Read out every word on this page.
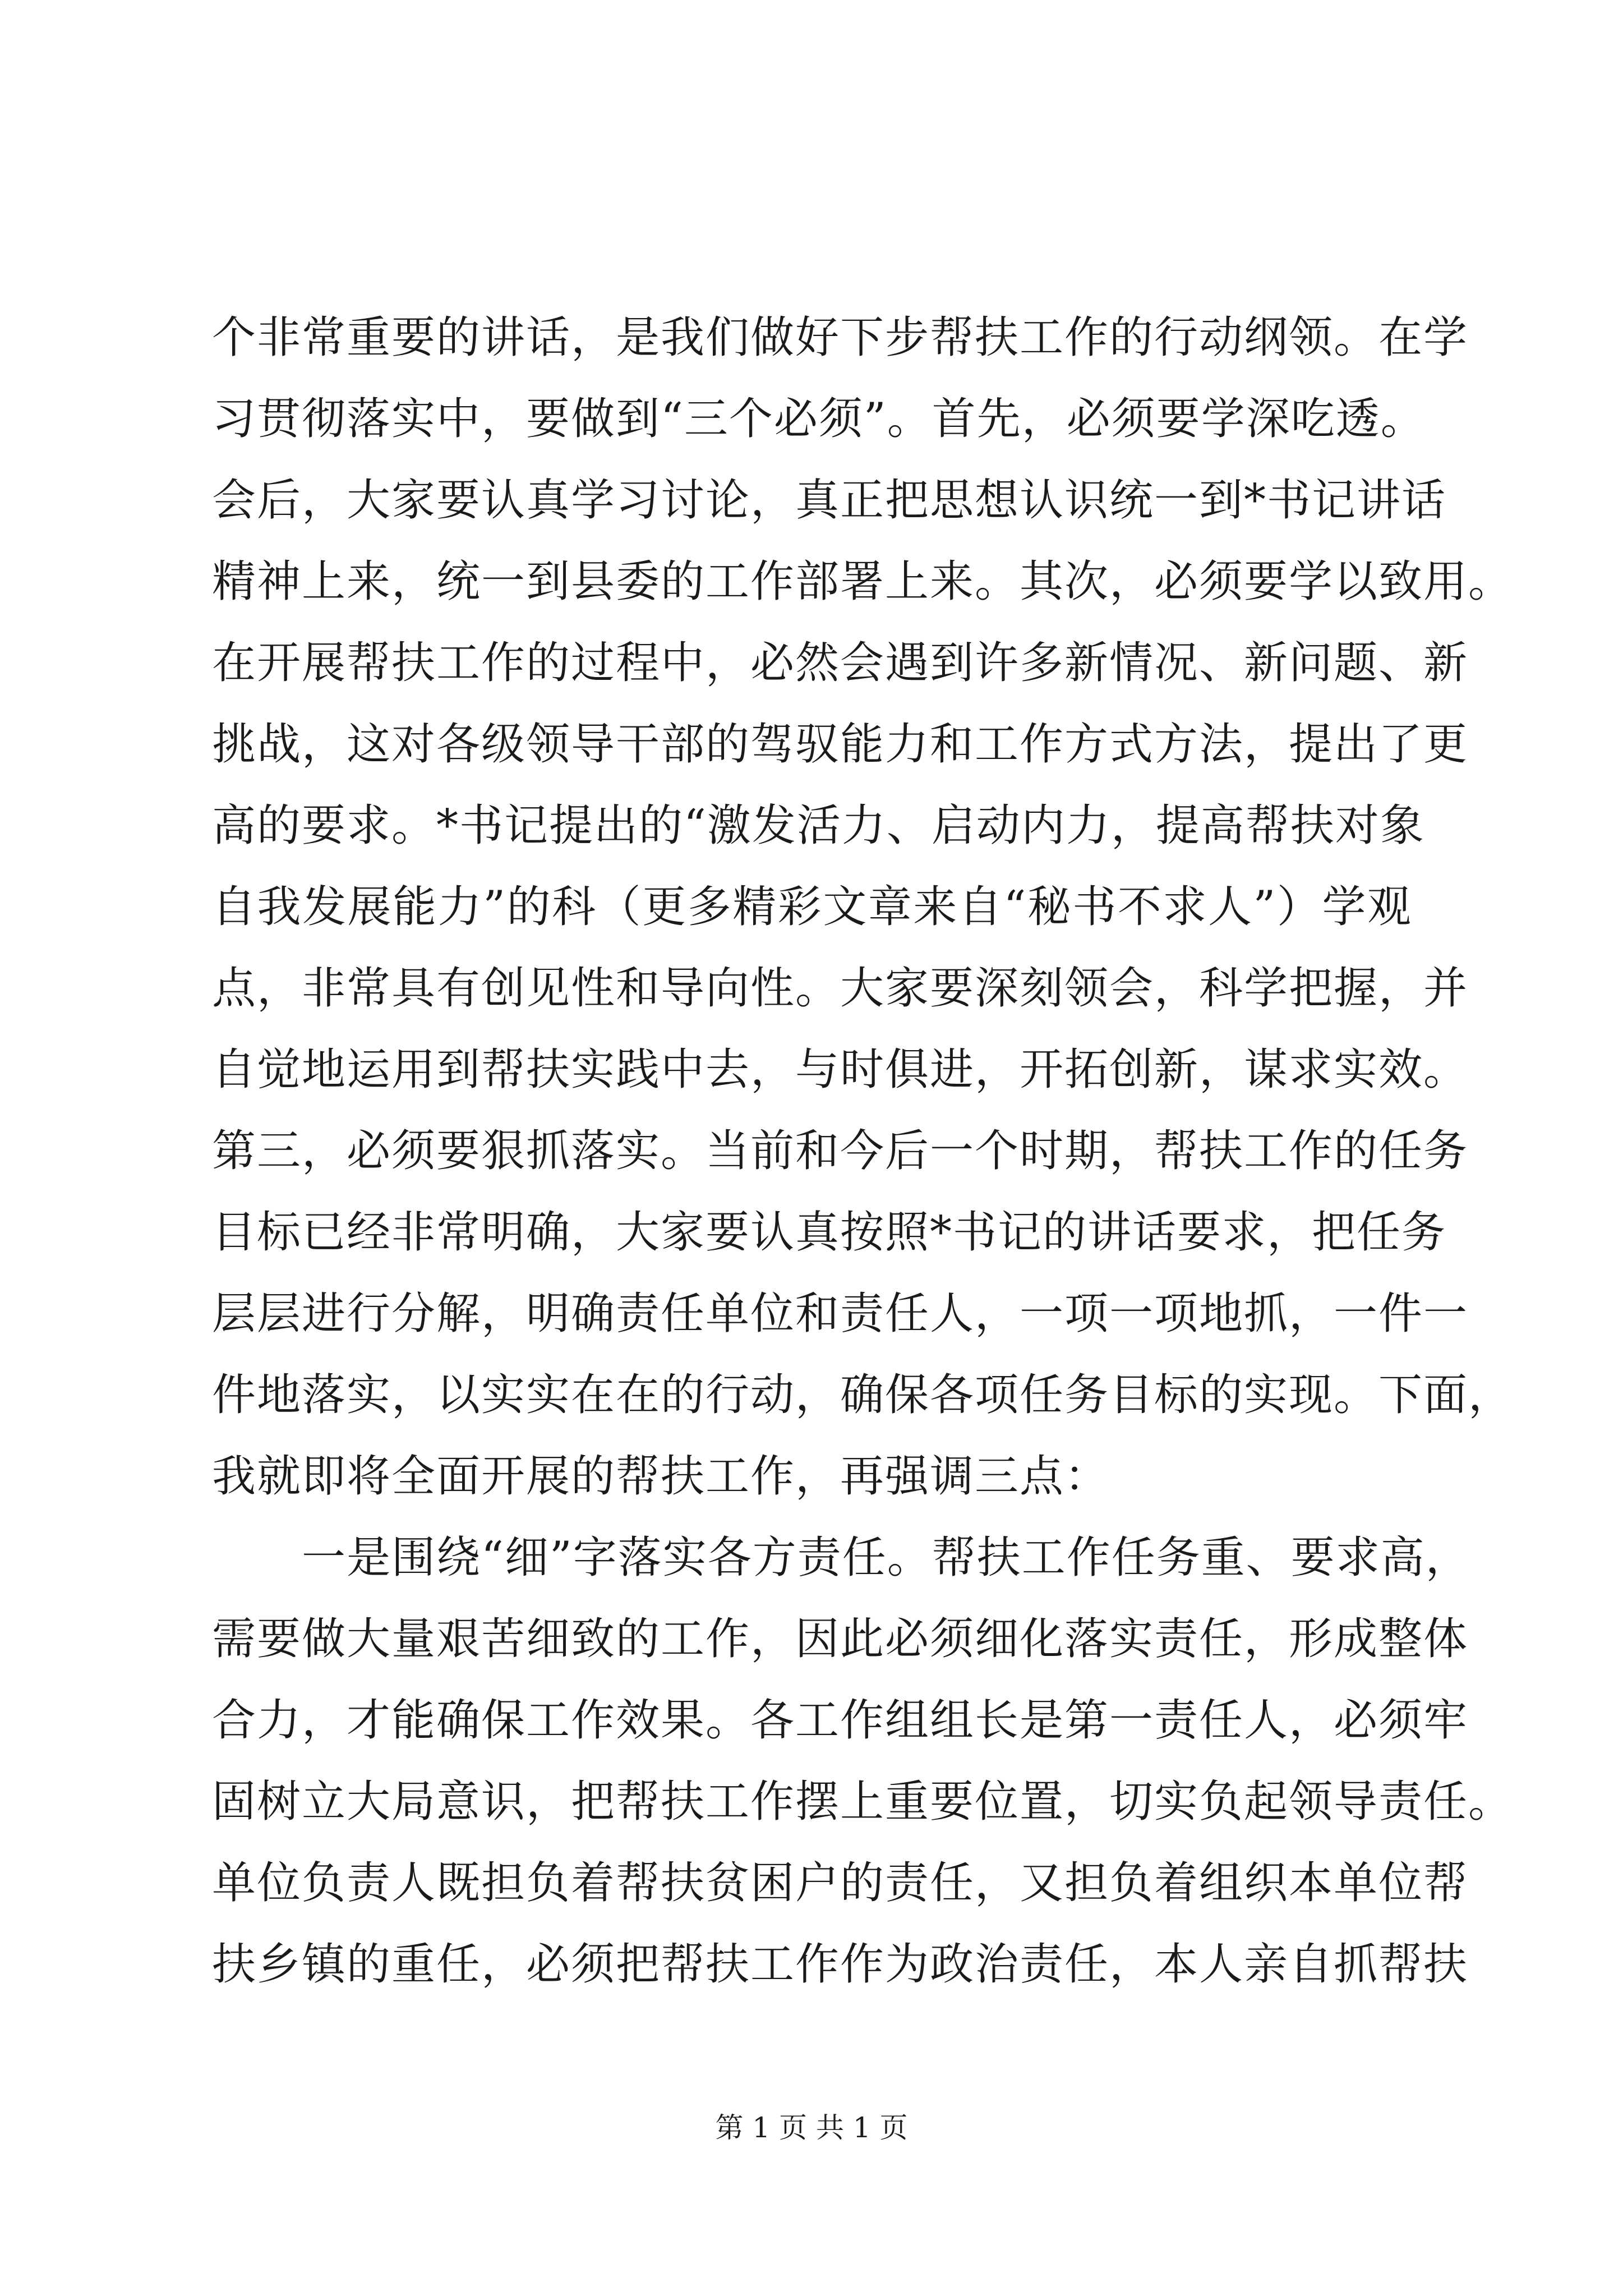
个非常重要的讲话，是我们做好下步帮扶工作的行动纲领。在学
习贯彻落实中，要做到“三个必须”。首先，必须要学深吃透。
会后，大家要认真学习讨论，真正把思想认识统一到*书记讲话
精神上来，统一到县委的工作部署上来。其次，必须要学以致用。
在开展帮扶工作的过程中，必然会遇到许多新情况、新问题、新
挑战，这对各级领导干部的驾驭能力和工作方式方法，提出了更
高的要求。*书记提出的“激发活力、启动内力，提高帮扶对象
自我发展能力”的科（更多精彩文章来自“秘书不求人”）学观
点，非常具有创见性和导向性。大家要深刻领会，科学把握，并
自觉地运用到帮扶实践中去，与时俱进，开拓创新，谋求实效。
第三，必须要狠抓落实。当前和今后一个时期，帮扶工作的任务
目标已经非常明确，大家要认真按照*书记的讲话要求，把任务
层层进行分解，明确责任单位和责任人，一项一项地抓，一件一
件地落实，以实实在在的行动，确保各项任务目标的实现。下面，
我就即将全面开展的帮扶工作，再强调三点：
一是围绕“细”字落实各方责任。帮扶工作任务重、要求高，
需要做大量艰苦细致的工作，因此必须细化落实责任，形成整体
合力，才能确保工作效果。各工作组组长是第一责任人，必须牢
固树立大局意识，把帮扶工作摆上重要位置，切实负起领导责任。
单位负责人既担负着帮扶贫困户的责任，又担负着组织本单位帮
扶乡镇的重任，必须把帮扶工作作为政治责任，本人亲自抓帮扶
第 1 页 共 1 页
